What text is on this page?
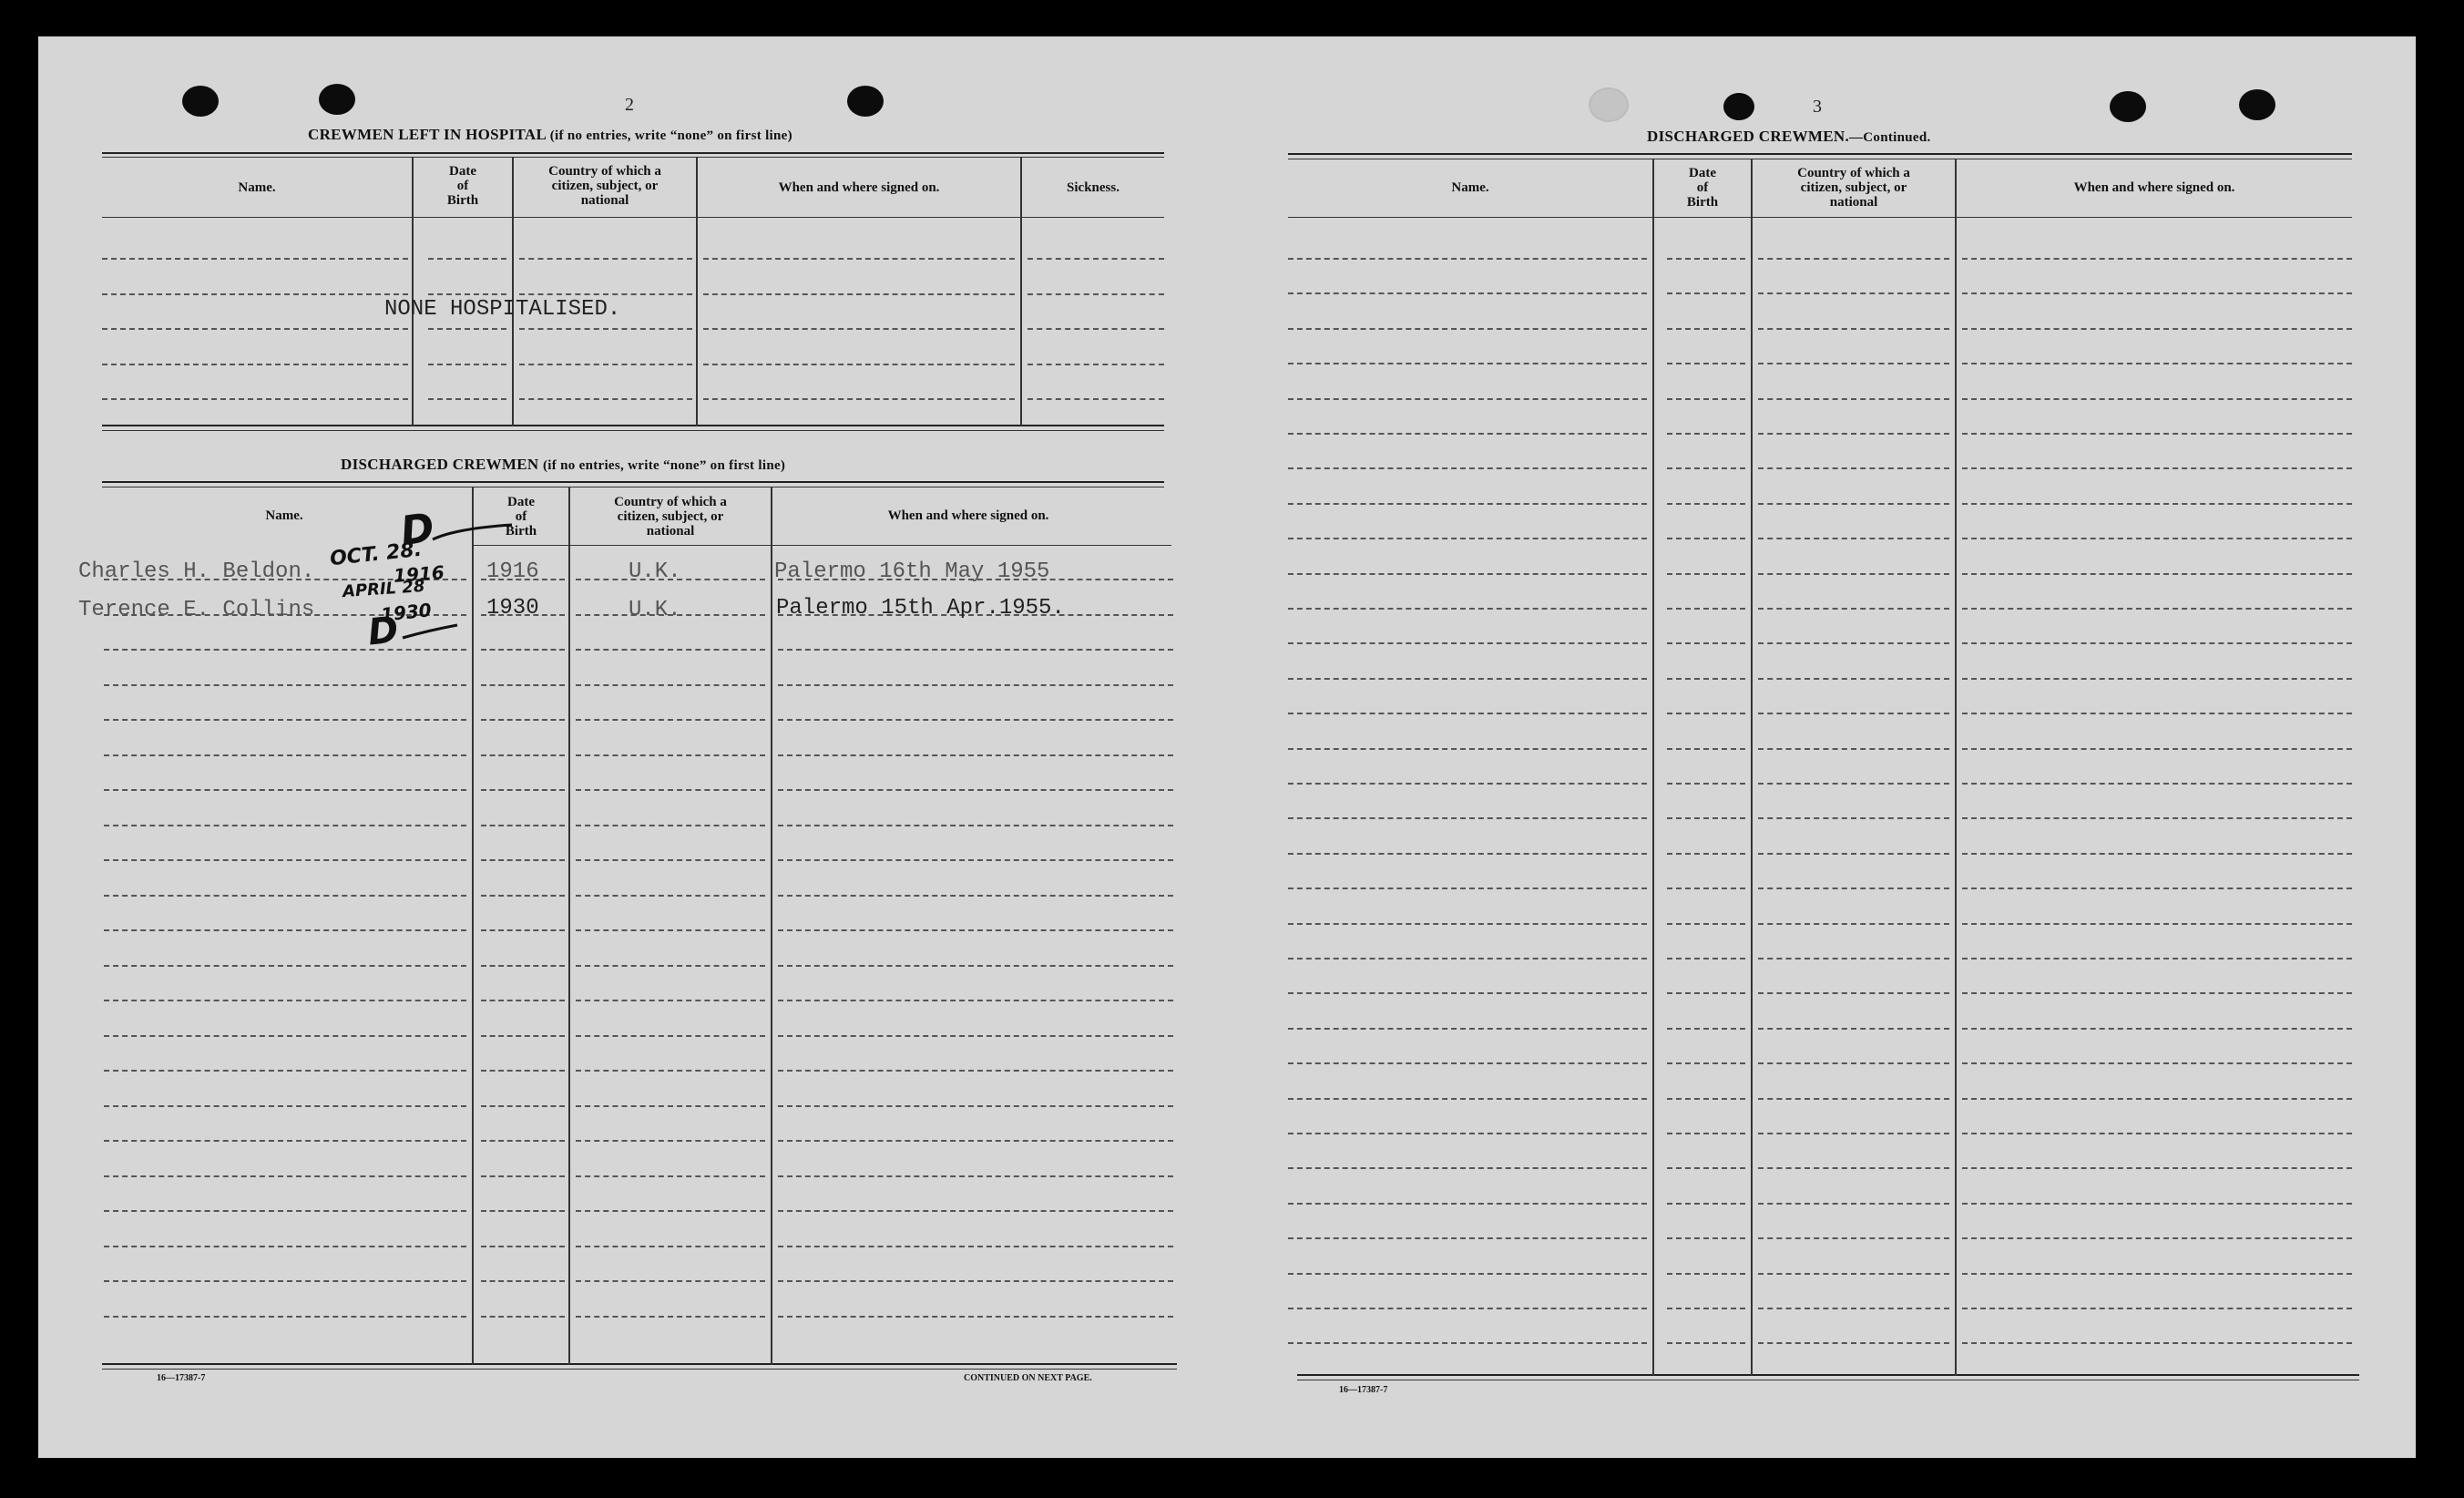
2
CREWMEN LEFT IN HOSPITAL (if no entries, write “none” on first line)
Name.
Date
of
Birth
Country of which a
citizen, subject, or
national
When and where signed on.	Sickness.
NONE HOSPITALISED.
DISCHARGED CREWMEN (if no entries, write “none” on first line)
Name.
Date
of
Birth
Country of which a
citizen, subject, or
national
When and where signed on.
Charles H. Beldon.	1916	U.K.	Palermo 16th May 1955
Terence E. Collins	1930	U.K.	Palermo 15th Apr.1955.
D
OCT. 28.
1916
APRIL 28
1930
D
16—17387-7	CONTINUED ON NEXT PAGE.
3
DISCHARGED CREWMEN.—Continued.
Name.
Date
of
Birth
Country of which a
citizen, subject, or
national
When and where signed on.
16—17387-7
